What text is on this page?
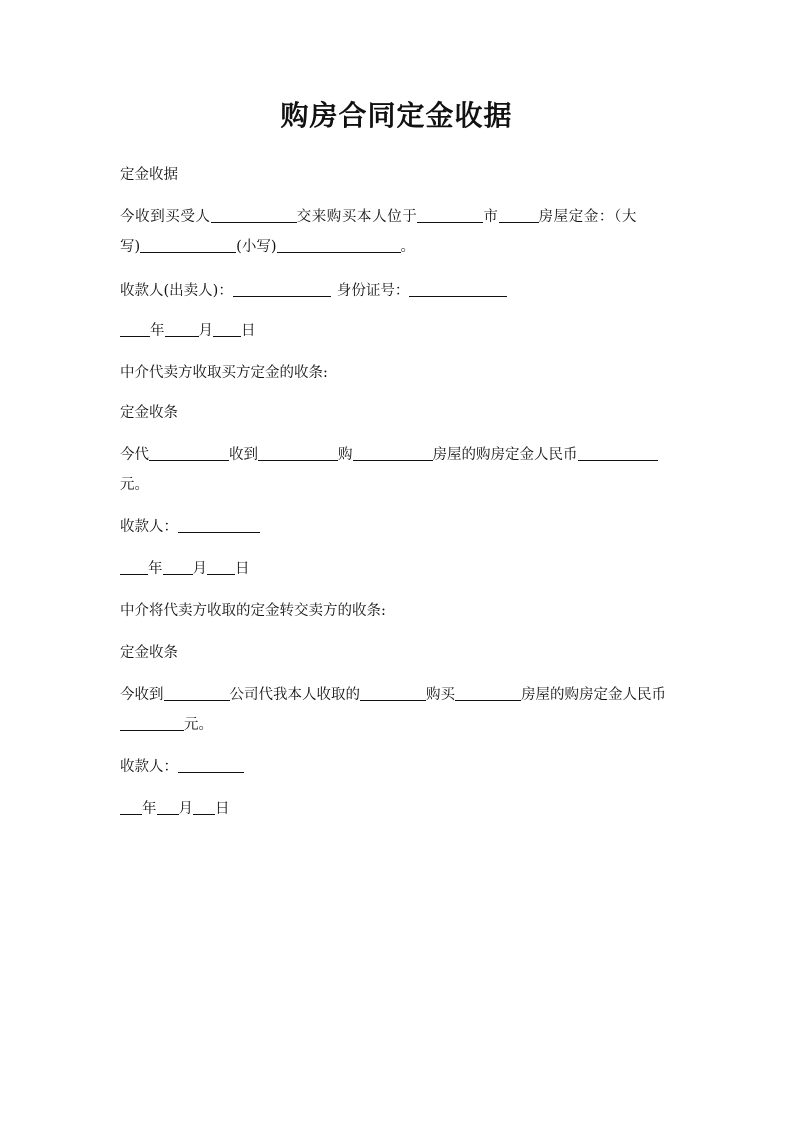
购房合同定金收据
定金收据
今收到买受人	交来购买本人位于	市	房屋定金：（大
写)	(小写)	。
收款人(出卖人)：	身份证号：
年 月 日
中介代卖方收取买方定金的收条:
定金收条
今代	收到	购	房屋的购房定金人民币
元。
收款人：
年 月 日
中介将代卖方收取的定金转交卖方的收条:
定金收条
今收到	公司代我本人收取的	购买	房屋的购房定金人民币
元。
收款人：
年 月 日
